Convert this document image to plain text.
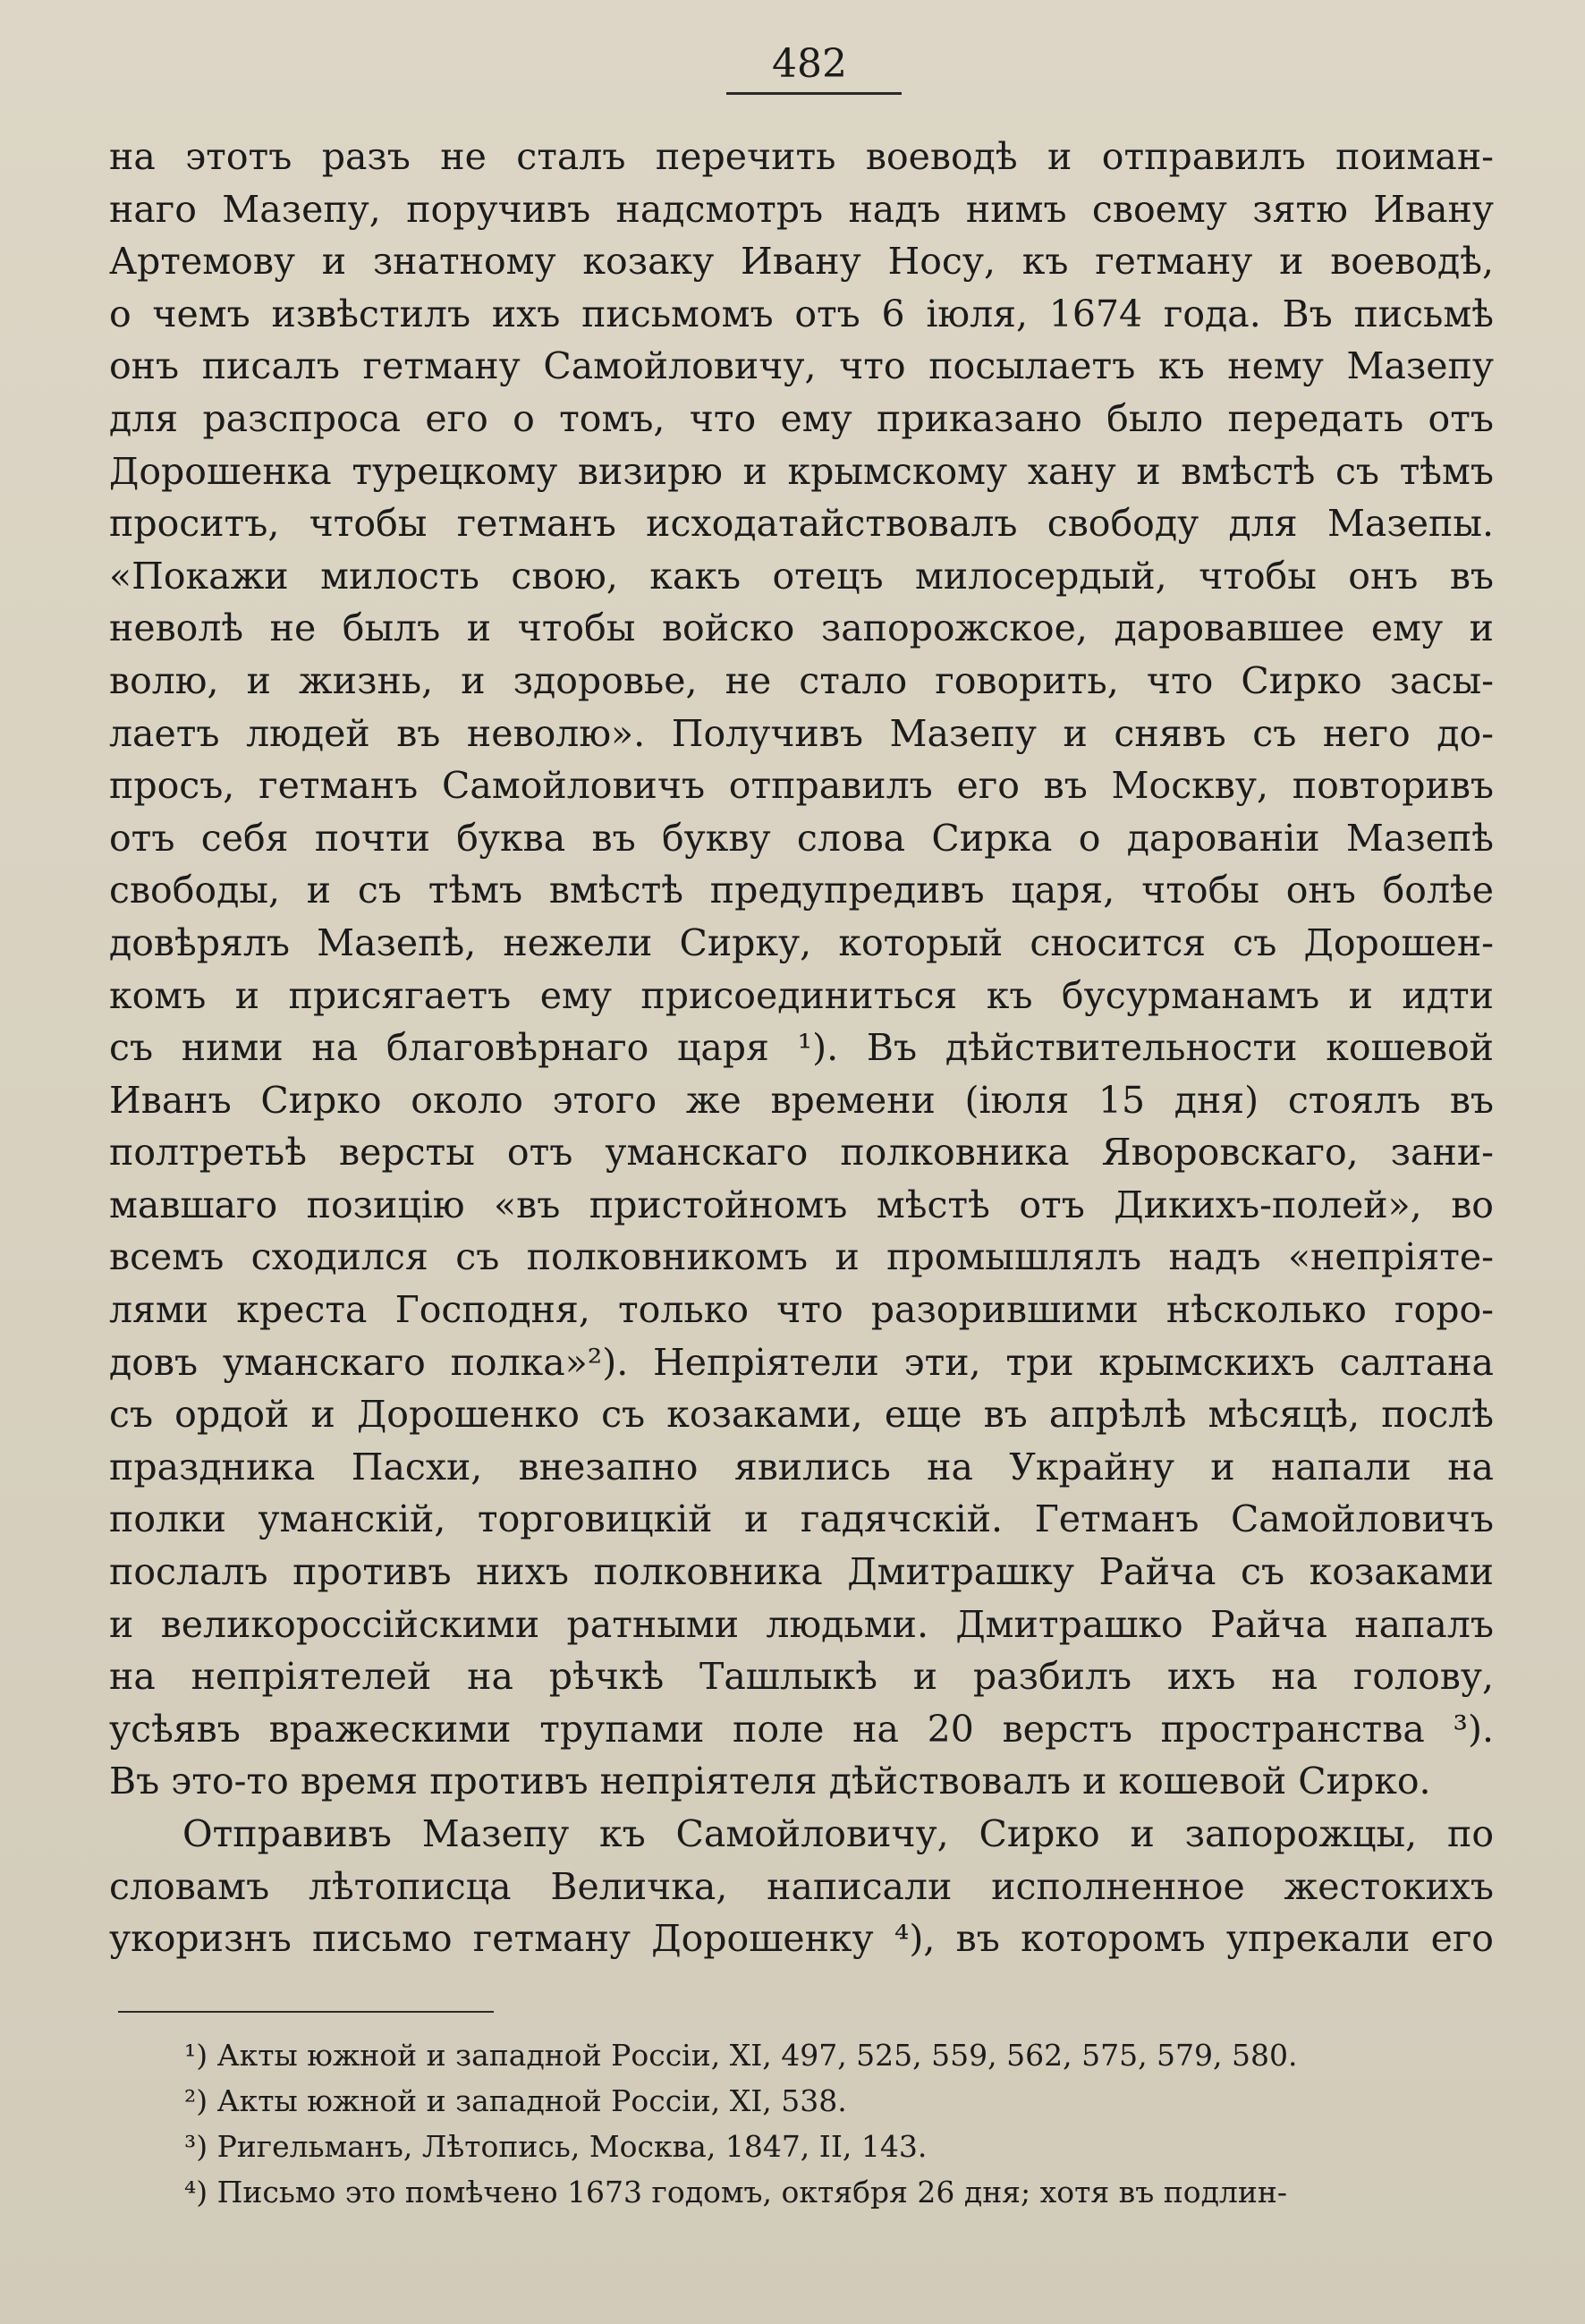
482
на этотъ разъ не сталъ перечить воеводѣ и отправилъ поиман-
наго Мазепу, поручивъ надсмотръ надъ нимъ своему зятю Ивану
Артемову и знатному козаку Ивану Носу, къ гетману и воеводѣ,
о чемъ извѣстилъ ихъ письмомъ отъ 6 іюля, 1674 года. Въ письмѣ
онъ писалъ гетману Самойловичу, что посылаетъ къ нему Мазепу
для разспроса его о томъ, что ему приказано было передать отъ
Дорошенка турецкому визирю и крымскому хану и вмѣстѣ съ тѣмъ
проситъ, чтобы гетманъ исходатайствовалъ свободу для Мазепы.
«Покажи милость свою, какъ отецъ милосердый, чтобы онъ въ
неволѣ не былъ и чтобы войско запорожское, даровавшее ему и
волю, и жизнь, и здоровье, не стало говорить, что Сирко засы-
лаетъ людей въ неволю». Получивъ Мазепу и снявъ съ него до-
просъ, гетманъ Самойловичъ отправилъ его въ Москву, повторивъ
отъ себя почти буква въ букву слова Сирка о дарованіи Мазепѣ
свободы, и съ тѣмъ вмѣстѣ предупредивъ царя, чтобы онъ болѣе
довѣрялъ Мазепѣ, нежели Сирку, который сносится съ Дорошен-
комъ и присягаетъ ему присоединиться къ бусурманамъ и идти
съ ними на благовѣрнаго царя ¹). Въ дѣйствительности кошевой
Иванъ Сирко около этого же времени (іюля 15 дня) стоялъ въ
полтретьѣ версты отъ уманскаго полковника Яворовскаго, зани-
мавшаго позицію «въ пристойномъ мѣстѣ отъ Дикихъ-полей», во
всемъ сходился съ полковникомъ и промышлялъ надъ «непріяте-
лями креста Господня, только что разорившими нѣсколько горо-
довъ уманскаго полка»²). Непріятели эти, три крымскихъ салтана
съ ордой и Дорошенко съ козаками, еще въ апрѣлѣ мѣсяцѣ, послѣ
праздника Пасхи, внезапно явились на Украйну и напали на
полки уманскій, торговицкій и гадячскій. Гетманъ Самойловичъ
послалъ противъ нихъ полковника Дмитрашку Райча съ козаками
и великороссійскими ратными людьми. Дмитрашко Райча напалъ
на непріятелей на рѣчкѣ Ташлыкѣ и разбилъ ихъ на голову,
усѣявъ вражескими трупами поле на 20 верстъ пространства ³).
Въ это-то время противъ непріятеля дѣйствовалъ и кошевой Сирко.
Отправивъ Мазепу къ Самойловичу, Сирко и запорожцы, по
словамъ лѣтописца Величка, написали исполненное жестокихъ
укоризнъ письмо гетману Дорошенку ⁴), въ которомъ упрекали его
¹) Акты южной и западной Россіи, XI, 497, 525, 559, 562, 575, 579, 580.
²) Акты южной и западной Россіи, XI, 538.
³) Ригельманъ, Лѣтопись, Москва, 1847, II, 143.
⁴) Письмо это помѣчено 1673 годомъ, октября 26 дня; хотя въ подлин-
